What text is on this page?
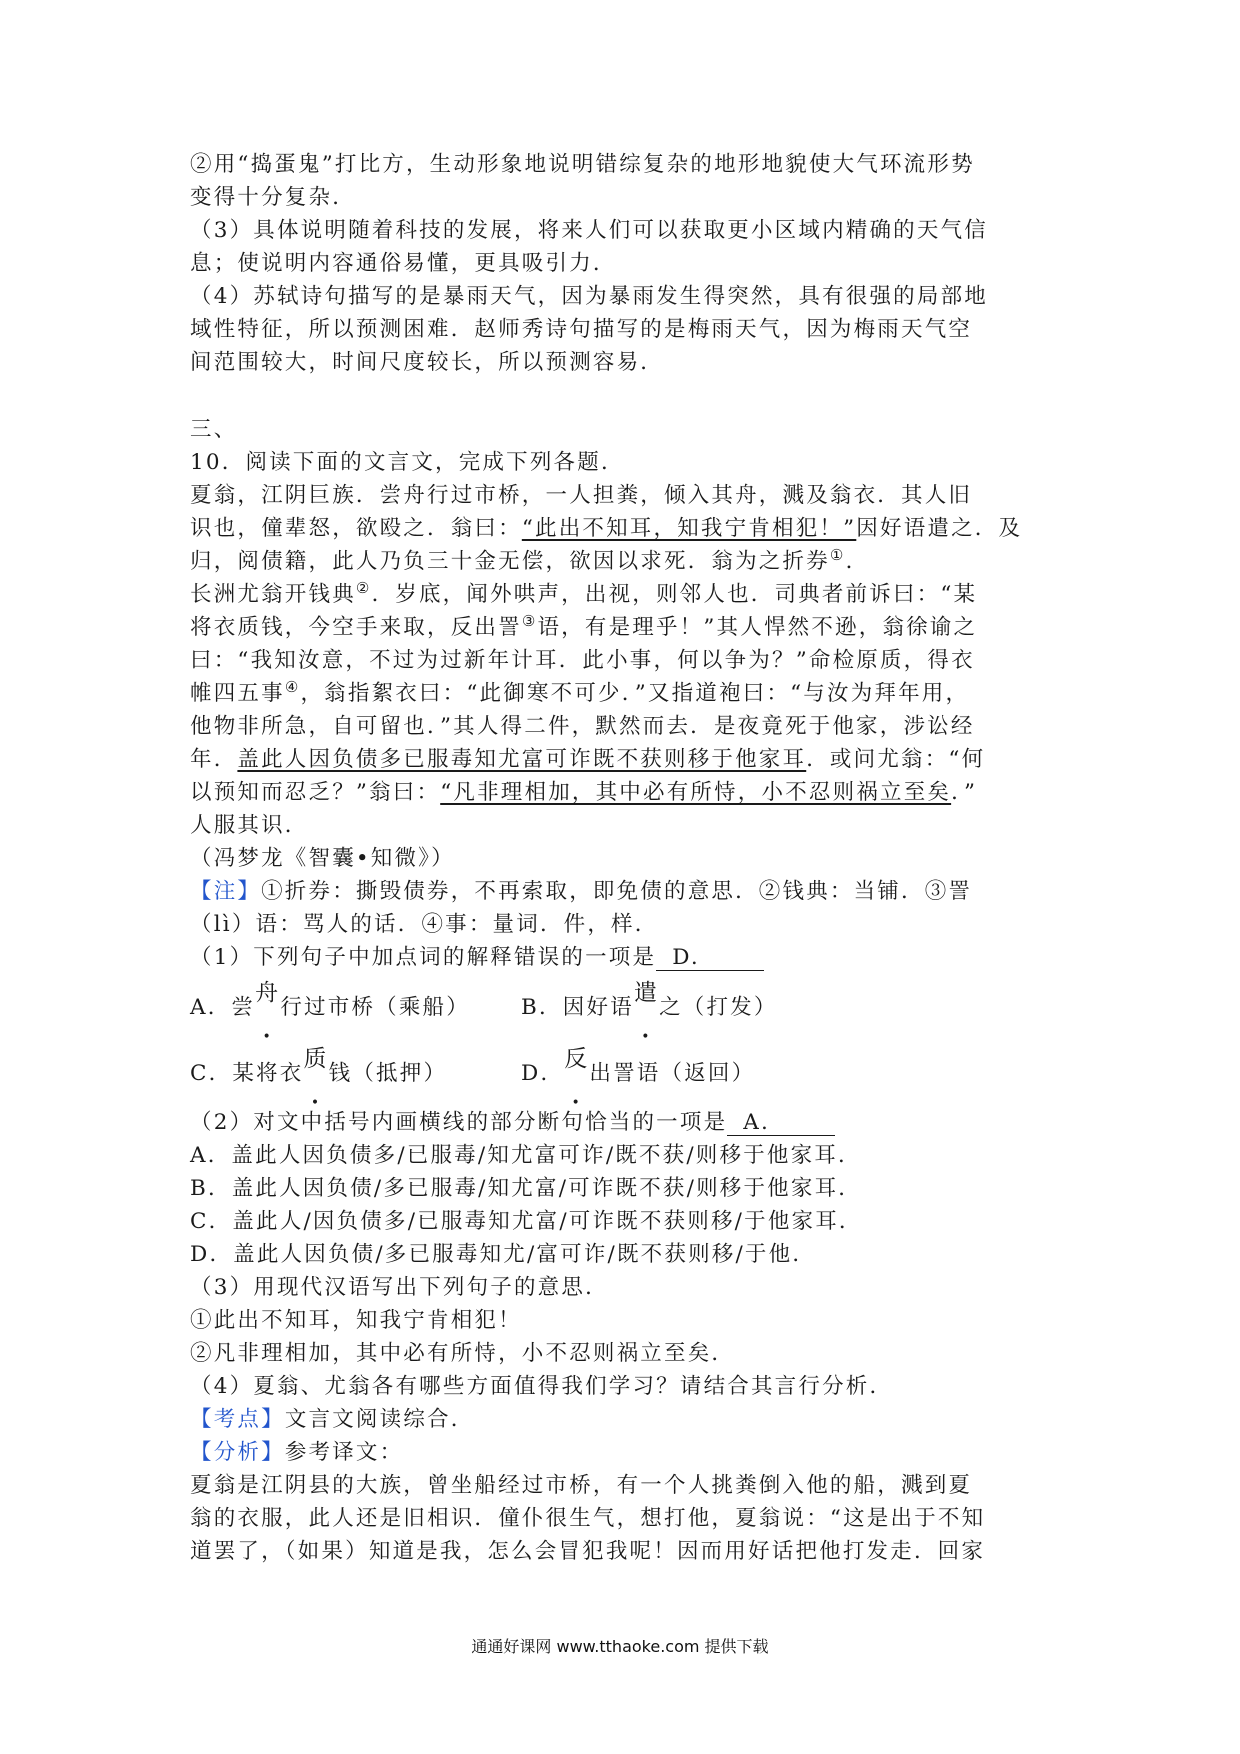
②用“捣蛋鬼”打比方，生动形象地说明错综复杂的地形地貌使大气环流形势
变得十分复杂．
（3）具体说明随着科技的发展，将来人们可以获取更小区域内精确的天气信
息；使说明内容通俗易懂，更具吸引力．
（4）苏轼诗句描写的是暴雨天气，因为暴雨发生得突然，具有很强的局部地
域性特征，所以预测困难．赵师秀诗句描写的是梅雨天气，因为梅雨天气空
间范围较大，时间尺度较长，所以预测容易．
三、
10．阅读下面的文言文，完成下列各题．
夏翁，江阴巨族．尝舟行过市桥，一人担粪，倾入其舟，溅及翁衣．其人旧
识也，僮辈怒，欲殴之．翁曰：“此出不知耳，知我宁肯相犯！”因好语遣之．及
归，阅债籍，此人乃负三十金无偿，欲因以求死．翁为之折券①．
长洲尤翁开钱典②．岁底，闻外哄声，出视，则邻人也．司典者前诉曰：“某
将衣质钱，今空手来取，反出詈③语，有是理乎！”其人悍然不逊，翁徐谕之
曰：“我知汝意，不过为过新年计耳．此小事，何以争为？”命检原质，得衣
帷四五事④，翁指絮衣曰：“此御寒不可少．”又指道袍曰：“与汝为拜年用，
他物非所急，自可留也．”其人得二件，默然而去．是夜竟死于他家，涉讼经
年．盖此人因负债多已服毒知尤富可诈既不获则移于他家耳．或问尤翁：“何
以预知而忍乏？”翁曰：“凡非理相加，其中必有所恃，小不忍则祸立至矣．”
人服其识．
（冯梦龙《智囊•知微》）
【注】①折券：撕毁债券，不再索取，即免债的意思．②钱典：当铺．③詈
（lì）语：骂人的话．④事：量词．件，样．
（1）下列句子中加点词的解释错误的一项是 D.
A．尝舟行过市桥（乘船） B．因好语遣之（打发）
C．某将衣质钱（抵押）	D．反出詈语（返回）
（2）对文中括号内画横线的部分断句恰当的一项是 A.
A．盖此人因负债多/已服毒/知尤富可诈/既不获/则移于他家耳．
B．盖此人因负债/多已服毒/知尤富/可诈既不获/则移于他家耳．
C．盖此人/因负债多/已服毒知尤富/可诈既不获则移/于他家耳．
D．盖此人因负债/多已服毒知尤/富可诈/既不获则移/于他．
（3）用现代汉语写出下列句子的意思．
①此出不知耳，知我宁肯相犯！
②凡非理相加，其中必有所恃，小不忍则祸立至矣．
（4）夏翁、尤翁各有哪些方面值得我们学习？请结合其言行分析．
【考点】文言文阅读综合．
【分析】参考译文：
夏翁是江阴县的大族，曾坐船经过市桥，有一个人挑粪倒入他的船，溅到夏
翁的衣服，此人还是旧相识．僮仆很生气，想打他，夏翁说：“这是出于不知
道罢了，（如果）知道是我，怎么会冒犯我呢！因而用好话把他打发走．回家
通通好课网 www.tthaoke.com 提供下载
